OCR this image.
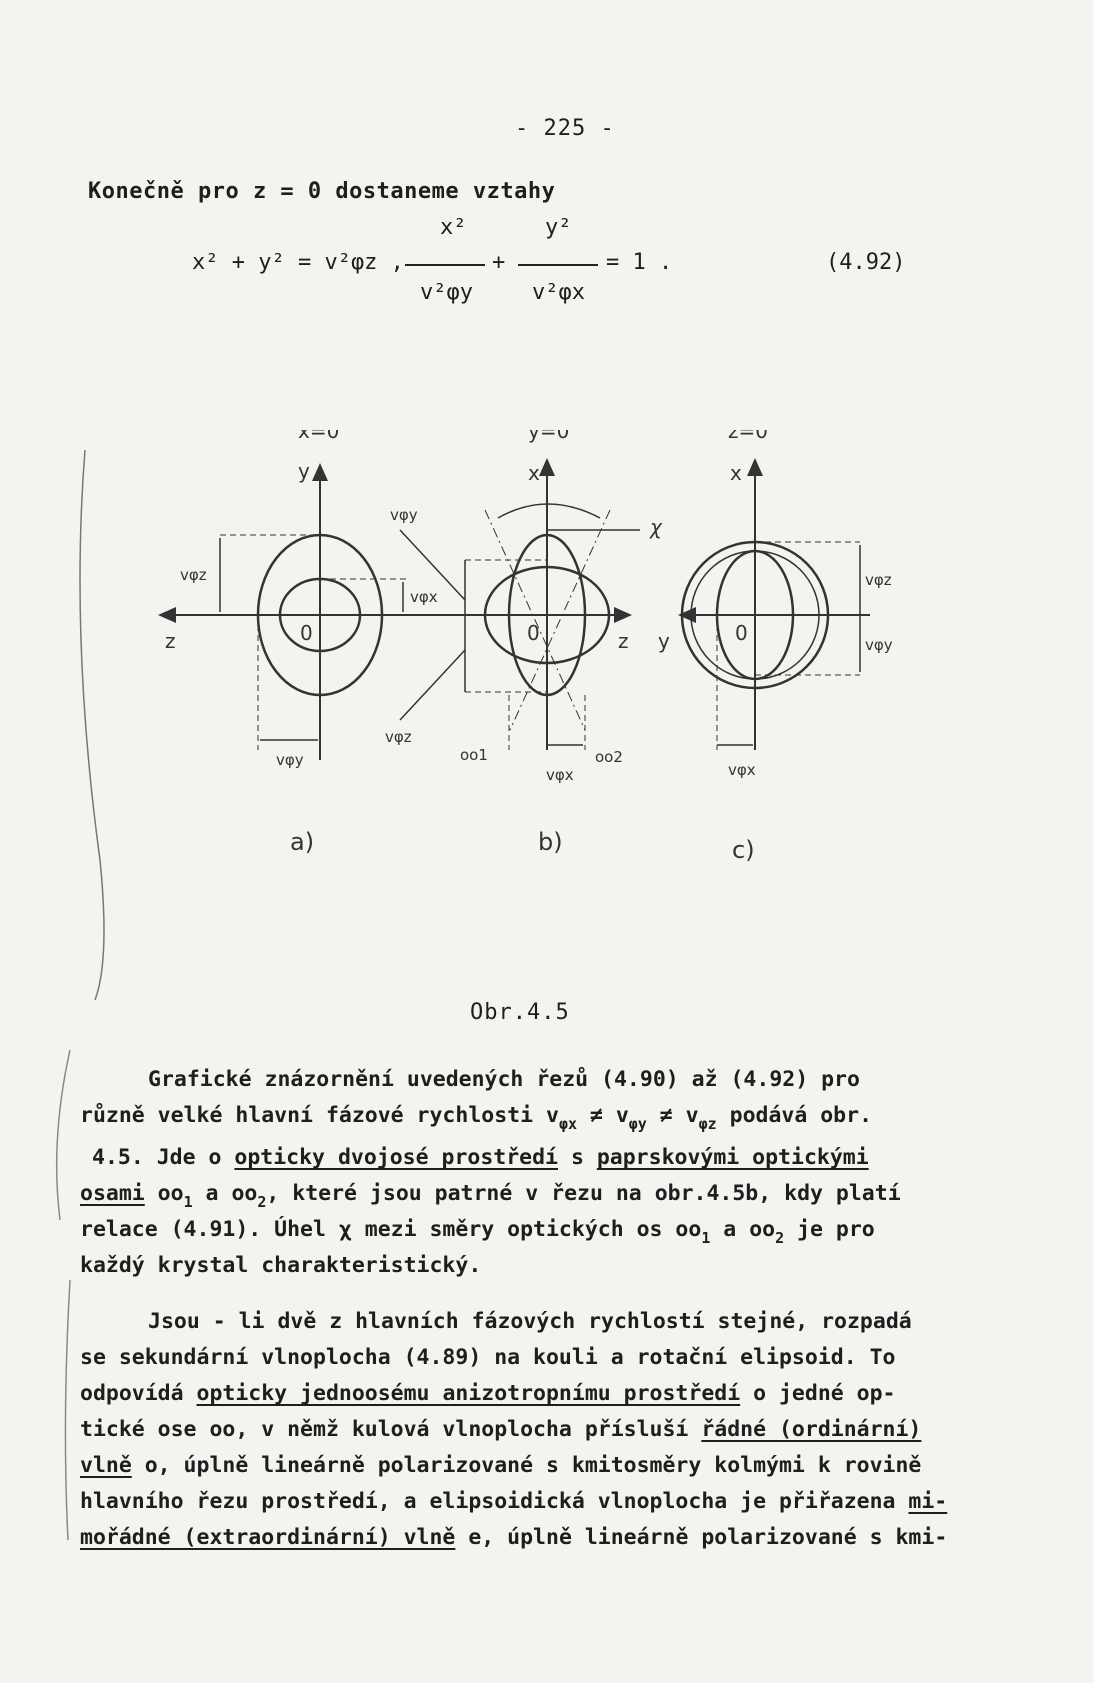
- 225 -
Konečně pro z = 0 dostaneme vztahy
x² + y² = v²φz ,
x²
v²φy
+
y²
v²φx
= 1 .	(4.92)
x=0
y
z	0
vφz
vφx
vφy
a)
y=0
x
z
0
χ
vφy
vφz
oo1	oo2
vφx
b)
z=0
x
y	0
vφz
vφy
vφx
c)
Obr.4.5
Grafické znázornění uvedených řezů (4.90) až (4.92) pro
různě velké hlavní fázové rychlosti $v_{\varphi x} \ne v_{\varphi y} \ne v_{\varphi z}$ podává obr.
4.5. Jde o opticky dvojosé prostředí s paprskovými optickými
osami $oo_1$ a $oo_2$, které jsou patrné v řezu na obr.4.5b, kdy platí
relace (4.91). Úhel χ mezi směry optických os $oo_1$ a $oo_2$ je pro
každý krystal charakteristický.
Jsou - li dvě z hlavních fázových rychlostí stejné, rozpadá
se sekundární vlnoplocha (4.89) na kouli a rotační elipsoid. To
odpovídá opticky jednoosému anizotropnímu prostředí o jedné op-
tické ose oo, v němž kulová vlnoplocha přísluší řádné (ordinární)
vlně o, úplně lineárně polarizované s kmitosměry kolmými k rovině
hlavního řezu prostředí, a elipsoidická vlnoplocha je přiřazena mi-
mořádné (extraordinární) vlně e, úplně lineárně polarizované s kmi-
